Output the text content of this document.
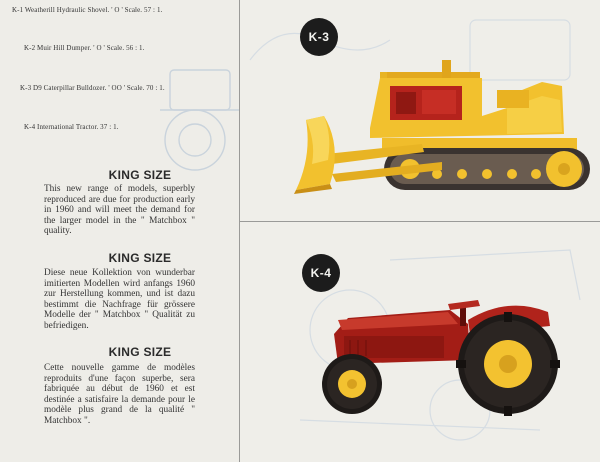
K-1 Weatherill Hydraulic Shovel. ' O ' Scale. 57 : 1.
K-2 Muir Hill Dumper. ' O ' Scale. 56 : 1.
K-3 D9 Caterpillar Bulldozer. ' OO ' Scale. 70 : 1.
K-4 International Tractor. 37 : 1.
KING SIZE
This new range of models, superbly reproduced are due for production early in 1960 and will meet the demand for the larger model in the " Matchbox " quality.
KING SIZE
Diese neue Kollektion von wunderbar imitierten Modellen wird anfangs 1960 zur Herstellung kommen, und ist dazu bestimmt die Nachfrage für grössere Modelle der " Matchbox " Qualität zu befriedigen.
KING SIZE
Cette nouvelle gamme de modèles reproduits d'une façon superbe, sera fabriquée au début de 1960 et est destinée a satisfaire la demande pour le modèle plus grand de la qualité " Matchbox ".
K-3
K-4
